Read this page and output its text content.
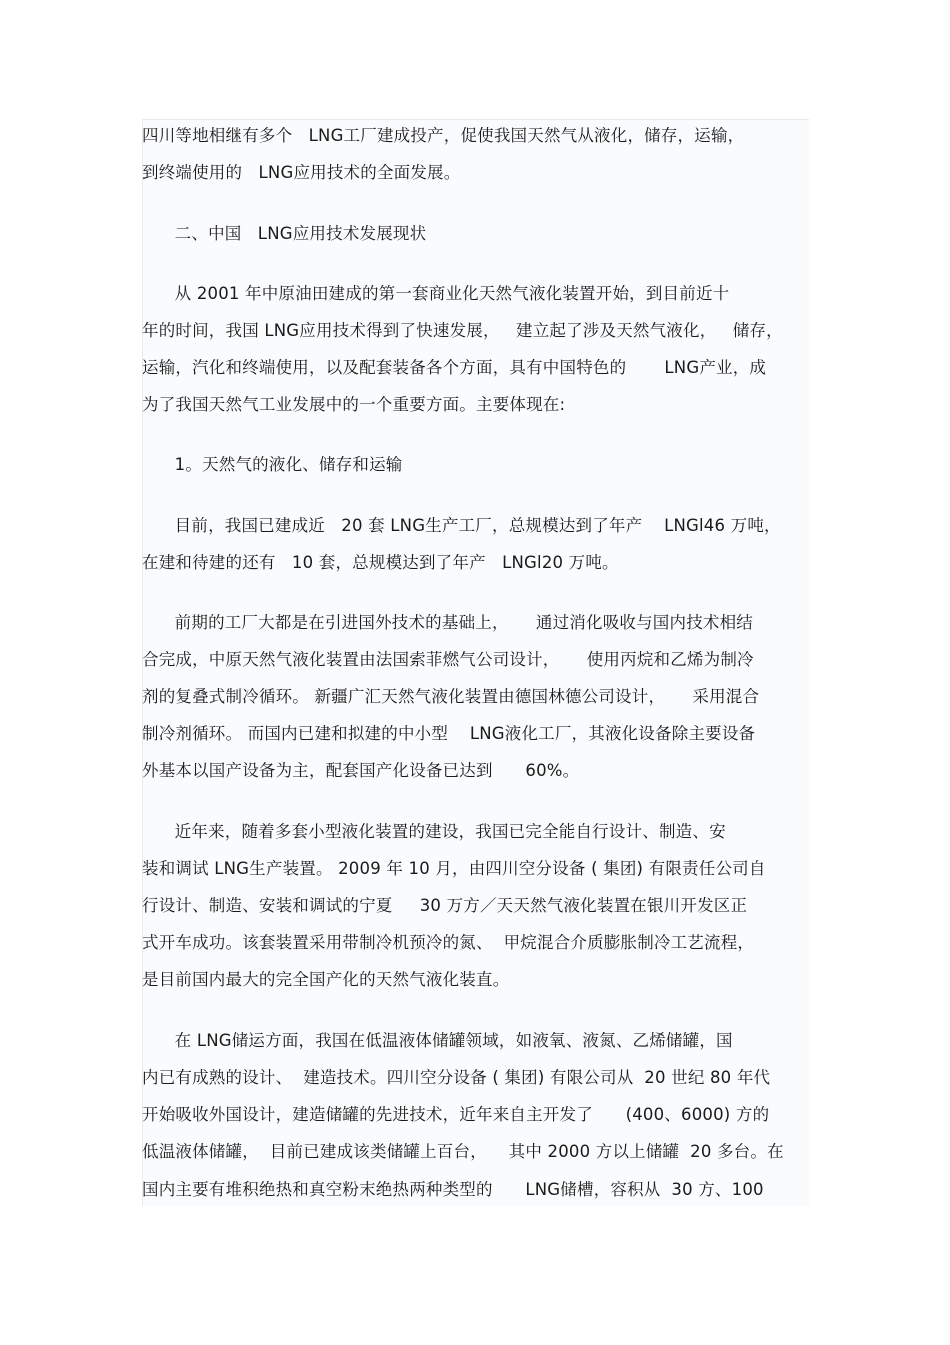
四川等地相继有多个   LNG工厂建成投产，促使我国天然气从液化，储存，运输，
到终端使用的   LNG应用技术的全面发展。
二、中国   LNG应用技术发展现状
从 2001 年中原油田建成的第一套商业化天然气液化装置开始，到目前近十
年的时间，我国 LNG应用技术得到了快速发展，   建立起了涉及天然气液化，   储存，
运输，汽化和终端使用，以及配套装备各个方面，具有中国特色的       LNG产业，成
为了我国天然气工业发展中的一个重要方面。主要体现在:
1。天然气的液化、储存和运输
目前，我国已建成近   20 套 LNG生产工厂，总规模达到了年产    LNGl46 万吨，
在建和待建的还有   10 套，总规模达到了年产   LNGl20 万吨。
前期的工厂大都是在引进国外技术的基础上，     通过消化吸收与国内技术相结
合完成，中原天然气液化装置由法国索菲燃气公司设计，     使用丙烷和乙烯为制冷
剂的复叠式制冷循环。 新疆广汇天然气液化装置由德国林德公司设计，     采用混合
制冷剂循环。 而国内已建和拟建的中小型    LNG液化工厂，其液化设备除主要设备
外基本以国产设备为主，配套国产化设备已达到      60%。
近年来，随着多套小型液化装置的建设，我国已完全能自行设计、制造、安
装和调试 LNG生产装置。 2009 年 10 月，由四川空分设备 ( 集团) 有限责任公司自
行设计、制造、安装和调试的宁夏     30 万方／天天然气液化装置在银川开发区正
式开车成功。该套装置采用带制冷机预冷的氮、  甲烷混合介质膨胀制冷工艺流程，
是目前国内最大的完全国产化的天然气液化装直。
在 LNG储运方面，我国在低温液体储罐领域，如液氧、液氮、乙烯储罐，国
内已有成熟的设计、  建造技术。四川空分设备 ( 集团) 有限公司从  20 世纪 80 年代
开始吸收外国设计，建造储罐的先进技术，近年来自主开发了      (400、6000) 方的
低温液体储罐，  目前已建成该类储罐上百台，    其中 2000 方以上储罐  20 多台。在
国内主要有堆积绝热和真空粉末绝热两种类型的      LNG储槽，容积从  30 方、100
